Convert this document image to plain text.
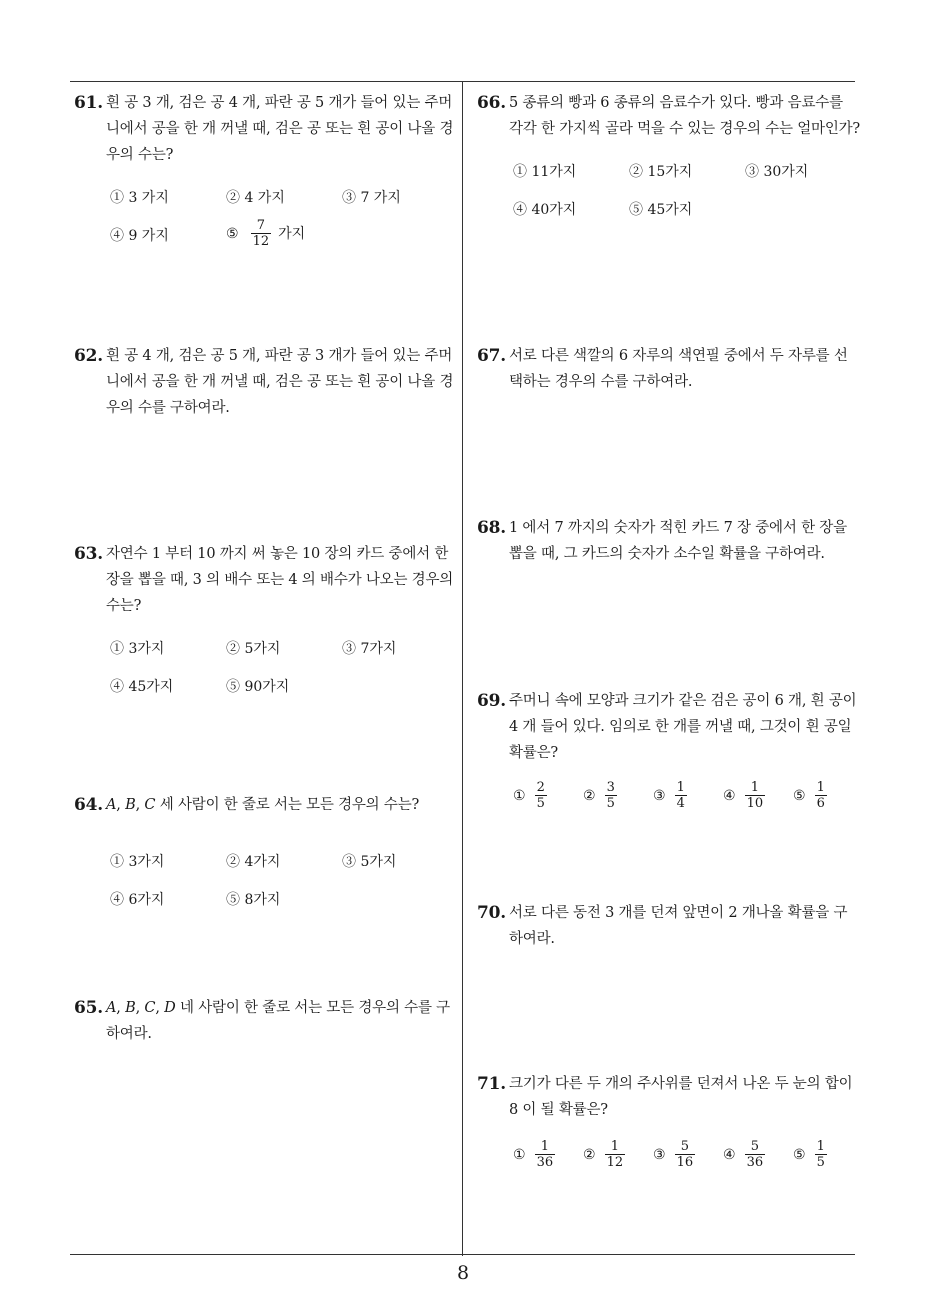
61. 흰 공 3 개, 검은 공 4 개, 파란 공 5 개가 들어 있는 주머니에서 공을 한 개 꺼낼 때, 검은 공 또는 흰 공이 나올 경우의 수는?
① 3 가지	② 4 가지	③ 7 가지
④ 9 가지	⑤ $\frac{7}{12}$ 가지
62. 흰 공 4 개, 검은 공 5 개, 파란 공 3 개가 들어 있는 주머니에서 공을 한 개 꺼낼 때, 검은 공 또는 흰 공이 나올 경우의 수를 구하여라.
63. 자연수 1 부터 10 까지 써 놓은 10 장의 카드 중에서 한 장을 뽑을 때, 3 의 배수 또는 4 의 배수가 나오는 경우의 수는?
① 3가지	② 5가지	③ 7가지
④ 45가지	⑤ 90가지
64. A, B, C 세 사람이 한 줄로 서는 모든 경우의 수는?
① 3가지	② 4가지	③ 5가지
④ 6가지	⑤ 8가지
65. A, B, C, D 네 사람이 한 줄로 서는 모든 경우의 수를 구하여라.
66. 5 종류의 빵과 6 종류의 음료수가 있다. 빵과 음료수를 각각 한 가지씩 골라 먹을 수 있는 경우의 수는 얼마인가?
① 11가지	② 15가지	③ 30가지
④ 40가지	⑤ 45가지
67. 서로 다른 색깔의 6 자루의 색연필 중에서 두 자루를 선택하는 경우의 수를 구하여라.
68. 1 에서 7 까지의 숫자가 적힌 카드 7 장 중에서 한 장을 뽑을 때, 그 카드의 숫자가 소수일 확률을 구하여라.
69. 주머니 속에 모양과 크기가 같은 검은 공이 6 개, 흰 공이 4 개 들어 있다. 임의로 한 개를 꺼낼 때, 그것이 흰 공일 확률은?
① $\frac{2}{5}$	② $\frac{3}{5}$	③ $\frac{1}{4}$	④ $\frac{1}{10}$ ⑤ $\frac{1}{6}$
70. 서로 다른 동전 3 개를 던져 앞면이 2 개나올 확률을 구하여라.
71. 크기가 다른 두 개의 주사위를 던져서 나온 두 눈의 합이 8 이 될 확률은?
① $\frac{1}{36}$ ② $\frac{1}{12}$ ③ $\frac{5}{16}$ ④ $\frac{5}{36}$ ⑤ $\frac{1}{5}$
8
